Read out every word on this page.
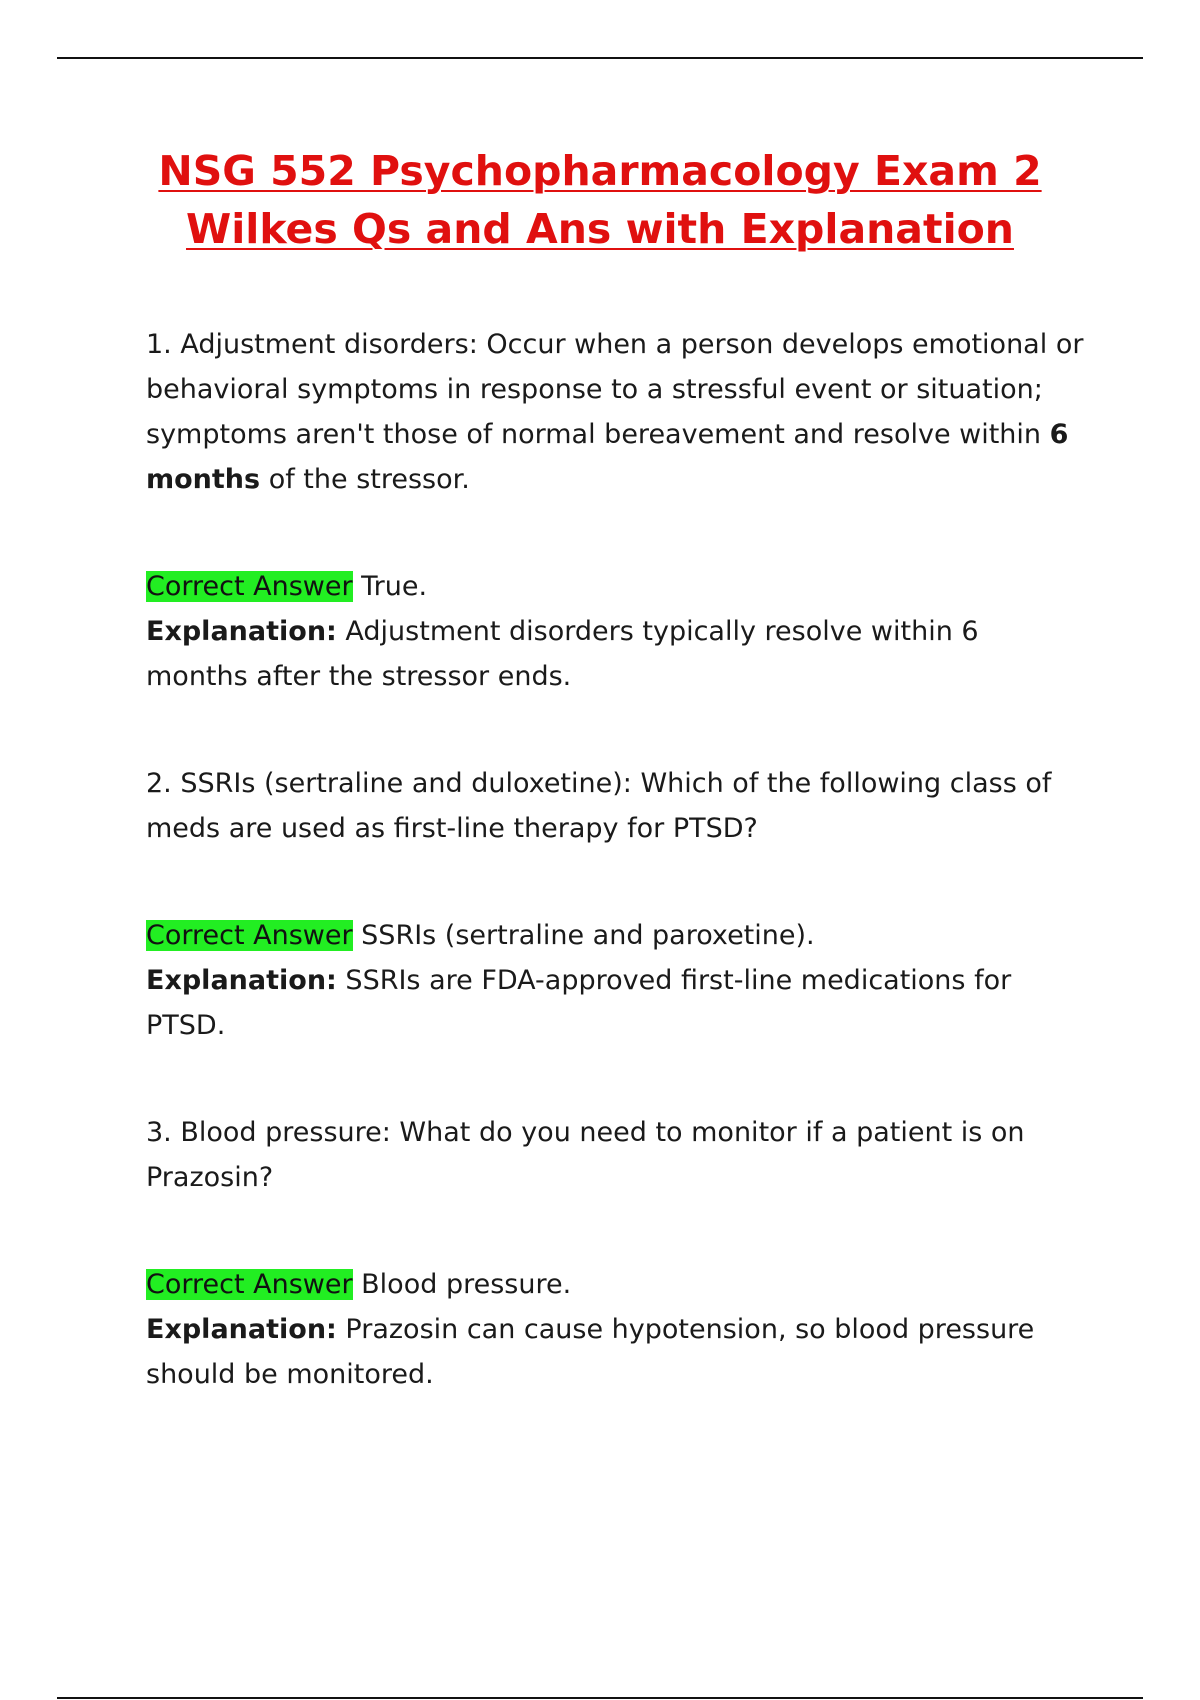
NSG 552 Psychopharmacology Exam 2 Wilkes Qs and Ans with Explanation

1. Adjustment disorders: Occur when a person develops emotional or behavioral symptoms in response to a stressful event or situation; symptoms aren't those of normal bereavement and resolve within 6 months of the stressor.

Correct Answer True.

Explanation: Adjustment disorders typically resolve within 6 months after the stressor ends.

2. SSRIs (sertraline and duloxetine): Which of the following class of meds are used as first-line therapy for PTSD?

Correct Answer SSRIs (sertraline and paroxetine).

Explanation: SSRIs are FDA-approved first-line medications for PTSD.

3. Blood pressure: What do you need to monitor if a patient is on Prazosin?

Correct Answer Blood pressure.

Explanation: Prazosin can cause hypotension, so blood pressure should be monitored.
